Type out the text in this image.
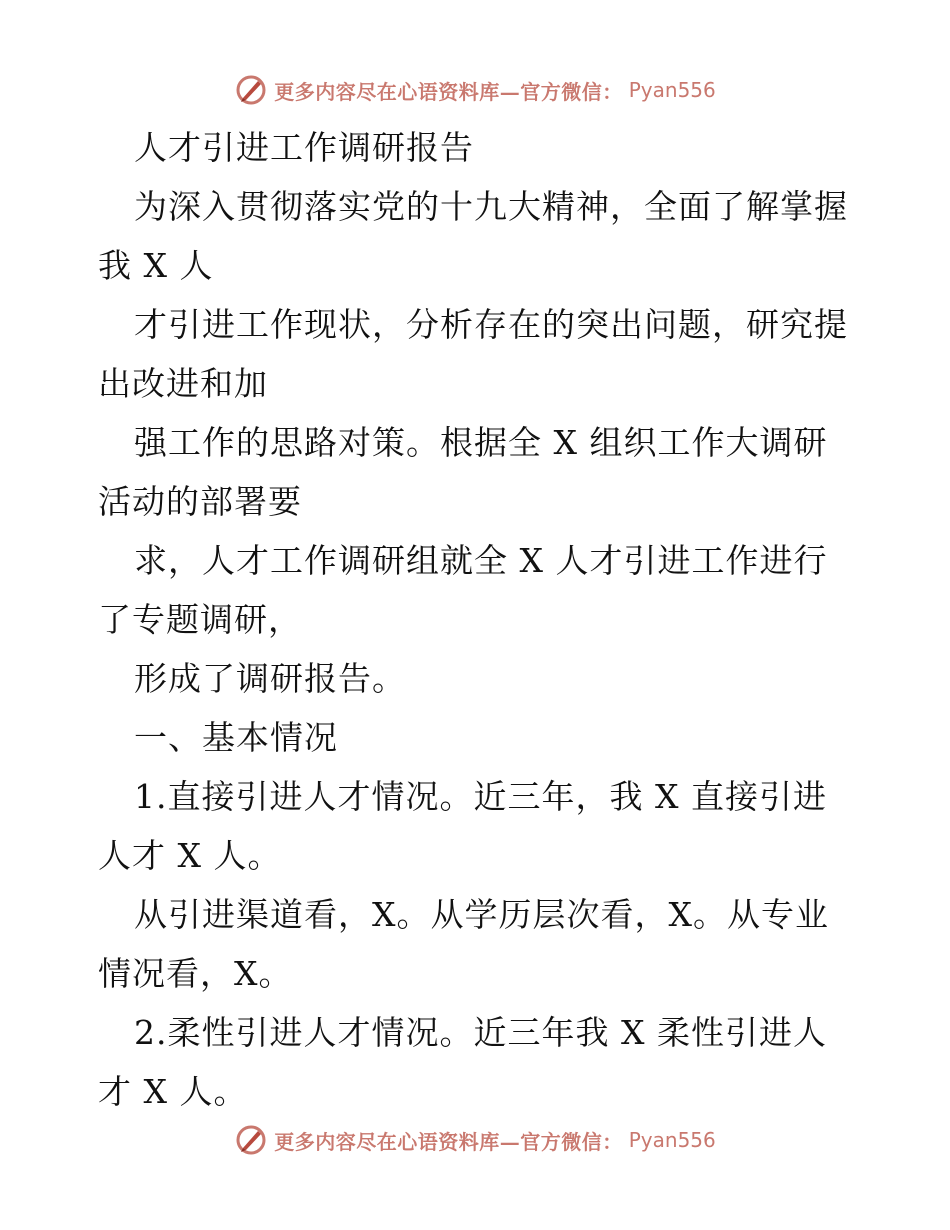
更多内容尽在心语资料库—官方微信： Pyan556

人才引进工作调研报告

为深入贯彻落实党的十九大精神，全面了解掌握我 X 人

才引进工作现状，分析存在的突出问题，研究提出改进和加

强工作的思路对策。根据全 X 组织工作大调研活动的部署要

求，人才工作调研组就全 X 人才引进工作进行了专题调研，

形成了调研报告。

一、基本情况

1.直接引进人才情况。近三年，我 X 直接引进人才 X 人。

从引进渠道看，X。从学历层次看，X。从专业情况看，X。

2.柔性引进人才情况。近三年我 X 柔性引进人才 X 人。

更多内容尽在心语资料库—官方微信： Pyan556
